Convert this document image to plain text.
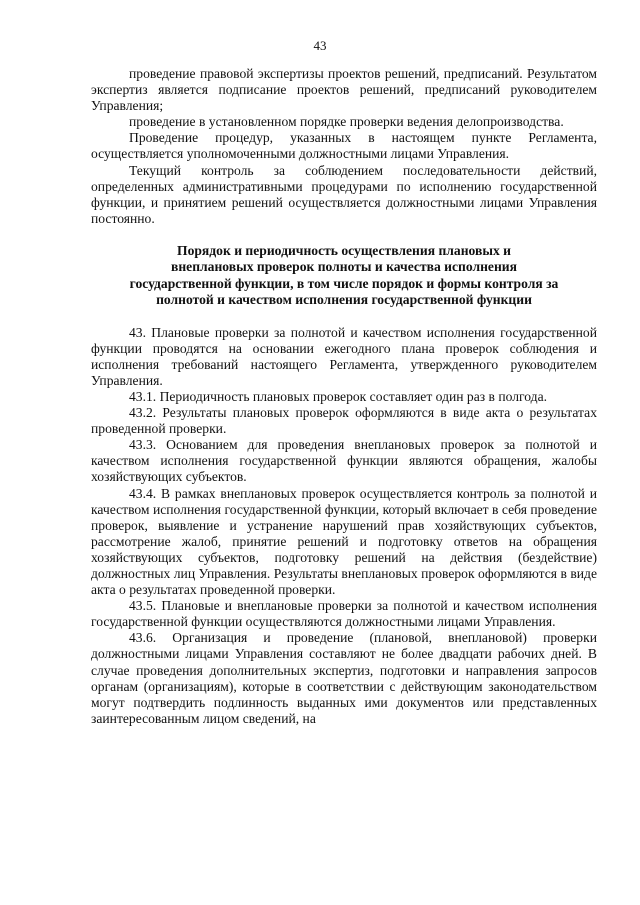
43

проведение правовой экспертизы проектов решений, предписаний. Результатом экспертиз является подписание проектов решений, предписаний руководителем Управления;

проведение в установленном порядке проверки ведения делопроизводства.

Проведение процедур, указанных в настоящем пункте Регламента, осуществляется уполномоченными должностными лицами Управления.

Текущий контроль за соблюдением последовательности действий, определенных административными процедурами по исполнению государственной функции, и принятием решений осуществляется должностными лицами Управления постоянно.

Порядок и периодичность осуществления плановых и
внеплановых проверок полноты и качества исполнения
государственной функции, в том числе порядок и формы контроля за
полнотой и качеством исполнения государственной функции

43. Плановые проверки за полнотой и качеством исполнения государственной функции проводятся на основании ежегодного плана проверок соблюдения и исполнения требований настоящего Регламента, утвержденного руководителем Управления.

43.1. Периодичность плановых проверок составляет один раз в полгода.

43.2. Результаты плановых проверок оформляются в виде акта о результатах проведенной проверки.

43.3. Основанием для проведения внеплановых проверок за полнотой и качеством исполнения государственной функции являются обращения, жалобы хозяйствующих субъектов.

43.4. В рамках внеплановых проверок осуществляется контроль за полнотой и качеством исполнения государственной функции, который включает в себя проведение проверок, выявление и устранение нарушений прав хозяйствующих субъектов, рассмотрение жалоб, принятие решений и подготовку ответов на обращения хозяйствующих субъектов, подготовку решений на действия (бездействие) должностных лиц Управления. Результаты внеплановых проверок оформляются в виде акта о результатах проведенной проверки.

43.5. Плановые и внеплановые проверки за полнотой и качеством исполнения государственной функции осуществляются должностными лицами Управления.

43.6. Организация и проведение (плановой, внеплановой) проверки должностными лицами Управления составляют не более двадцати рабочих дней. В случае проведения дополнительных экспертиз, подготовки и направления запросов органам (организациям), которые в соответствии с действующим законодательством могут подтвердить подлинность выданных ими документов или представленных заинтересованным лицом сведений, на
